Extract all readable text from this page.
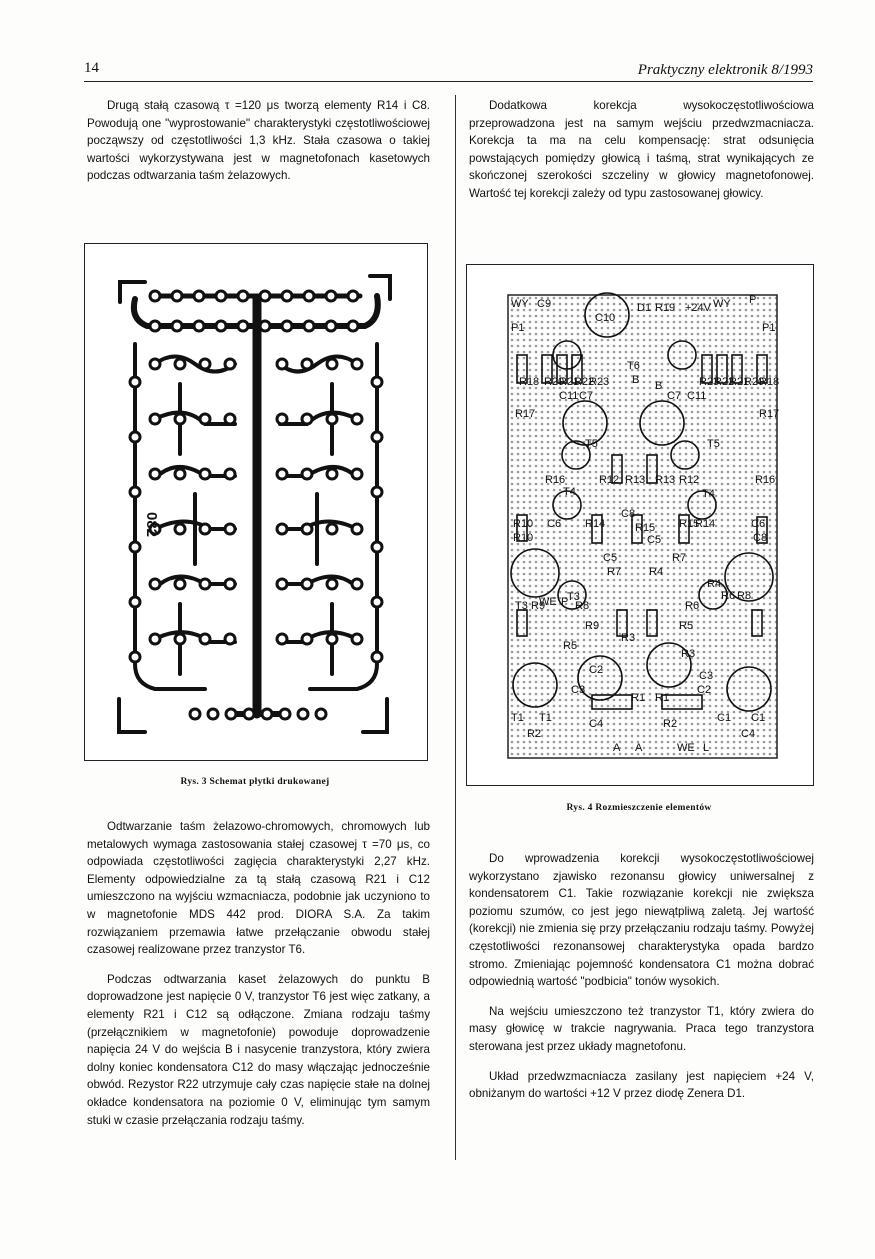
14	Praktyczny elektronik 8/1993

Drugą stałą czasową τ =120 μs tworzą elementy R14 i C8. Powodują one "wyprostowanie" charakterystyki częstotliwościowej począwszy od częstotliwości 1,3 kHz. Stała czasowa o takiej wartości wykorzystywana jest w magnetofonach kasetowych podczas odtwarzania taśm żelazowych.

Dodatkowa korekcja wysokoczęstotliwościowa przeprowadzona jest na samym wejściu przedwzmacniacza. Korekcja ta ma na celu kompensację: strat odsunięcia powstających pomiędzy głowicą i taśmą, strat wynikających ze skończonej szerokości szczeliny w głowicy magnetofonowej. Wartość tej korekcji zależy od typu zastosowanej głowicy.

082
Rys. 3 Schemat płytki drukowanej
WY C9	D1 R19 +24V WY P
P1
C10
P1
R18 R20
R21
R22
R23
T6
B B	R23
R22
R21
R20
R18
C11 C7	C7 C11
R17	R17
T5	T5
R16	R12 R13 R13 R12	R16
T4	T4
R10 C6 R14
C8
R15 R15
R14	C6
R10	C5	C8
C5	R7
R7	R4
R4
T3
T3 R9	R8	R6
R6 R8
R9
R3
R5
R5
R3
C2	C3
C3	C2
R1 R1
T1 T1	C4	R2	C1 C1
R2	C4
A A	WE L
WE P
Rys. 4 Rozmieszczenie elementów

Odtwarzanie taśm żelazowo-chromowych, chromowych lub metalowych wymaga zastosowania stałej czasowej τ =70 μs, co odpowiada częstotliwości zagięcia charakterystyki 2,27 kHz. Elementy odpowiedzialne za tą stałą czasową R21 i C12 umieszczono na wyjściu wzmacniacza, podobnie jak uczyniono to w magnetofonie MDS 442 prod. DIORA S.A. Za takim rozwiązaniem przemawia łatwe przełączanie obwodu stałej czasowej realizowane przez tranzystor T6.

Podczas odtwarzania kaset żelazowych do punktu B doprowadzone jest napięcie 0 V, tranzystor T6 jest więc zatkany, a elementy R21 i C12 są odłączone. Zmiana rodzaju taśmy (przełącznikiem w magnetofonie) powoduje doprowadzenie napięcia 24 V do wejścia B i nasycenie tranzystora, który zwiera dolny koniec kondensatora C12 do masy włączając jednocześnie obwód. Rezystor R22 utrzymuje cały czas napięcie stałe na dolnej okładce kondensatora na poziomie 0 V, eliminując tym samym stuki w czasie przełączania rodzaju taśmy.

Do wprowadzenia korekcji wysokoczęstotliwościowej wykorzystano zjawisko rezonansu głowicy uniwersalnej z kondensatorem C1. Takie rozwiązanie korekcji nie zwiększa poziomu szumów, co jest jego niewątpliwą zaletą. Jej wartość (korekcji) nie zmienia się przy przełączaniu rodzaju taśmy. Powyżej częstotliwości rezonansowej charakterystyka opada bardzo stromo. Zmieniając pojemność kondensatora C1 można dobrać odpowiednią wartość "podbicia" tonów wysokich.

Na wejściu umieszczono też tranzystor T1, który zwiera do masy głowicę w trakcie nagrywania. Praca tego tranzystora sterowana jest przez układy magnetofonu.

Układ przedwzmacniacza zasilany jest napięciem +24 V, obniżanym do wartości +12 V przez diodę Zenera D1.
